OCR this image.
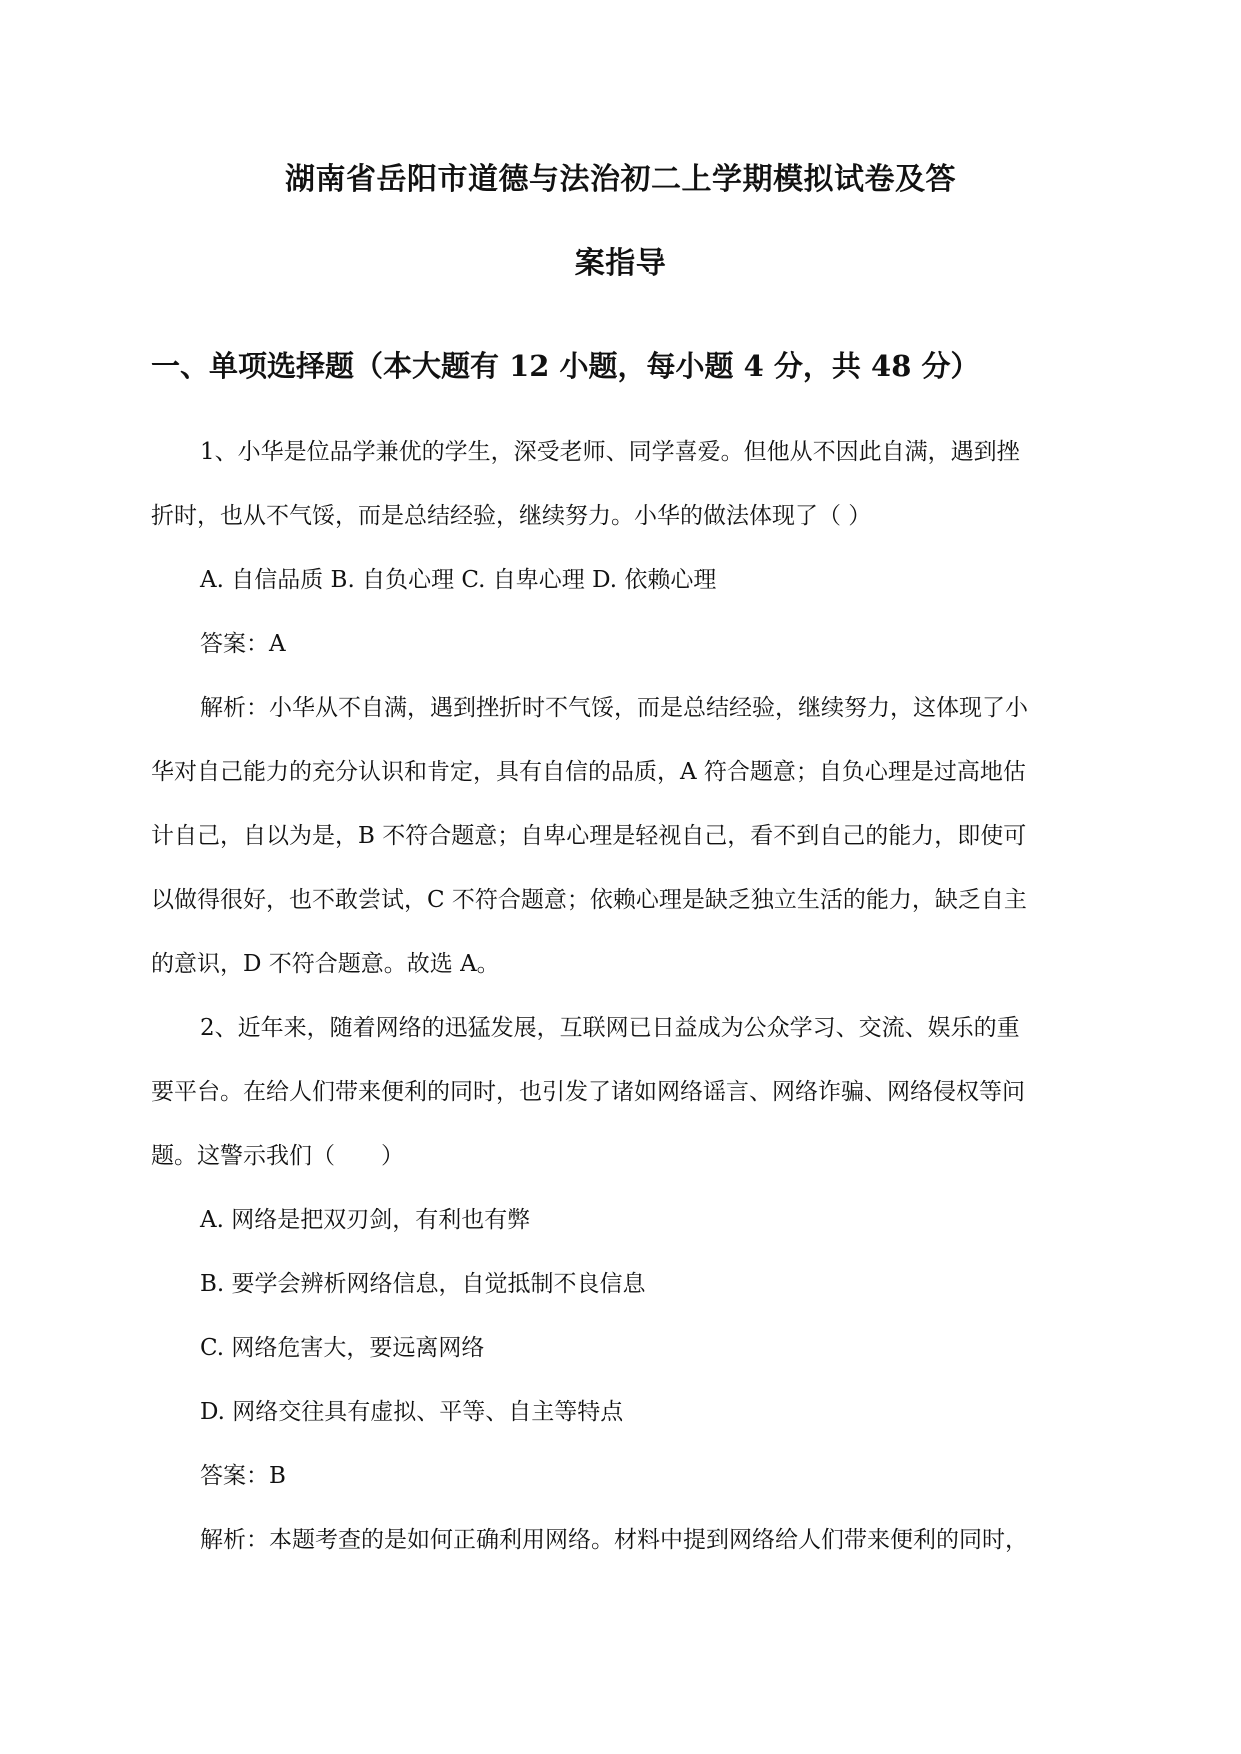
湖南省岳阳市道德与法治初二上学期模拟试卷及答
案指导
一、单项选择题（本大题有 12 小题，每小题 4 分，共 48 分）
1、小华是位品学兼优的学生，深受老师、同学喜爱。但他从不因此自满，遇到挫
折时，也从不气馁，而是总结经验，继续努力。小华的做法体现了（ ）
A. 自信品质 B. 自负心理 C. 自卑心理 D. 依赖心理
答案：A
解析：小华从不自满，遇到挫折时不气馁，而是总结经验，继续努力，这体现了小
华对自己能力的充分认识和肯定，具有自信的品质，A 符合题意；自负心理是过高地估
计自己，自以为是，B 不符合题意；自卑心理是轻视自己，看不到自己的能力，即使可
以做得很好，也不敢尝试，C 不符合题意；依赖心理是缺乏独立生活的能力，缺乏自主
的意识，D 不符合题意。故选 A。
2、近年来，随着网络的迅猛发展，互联网已日益成为公众学习、交流、娱乐的重
要平台。在给人们带来便利的同时，也引发了诸如网络谣言、网络诈骗、网络侵权等问
题。这警示我们（　　）
A. 网络是把双刃剑，有利也有弊
B. 要学会辨析网络信息，自觉抵制不良信息
C. 网络危害大，要远离网络
D. 网络交往具有虚拟、平等、自主等特点
答案：B
解析：本题考查的是如何正确利用网络。材料中提到网络给人们带来便利的同时，
